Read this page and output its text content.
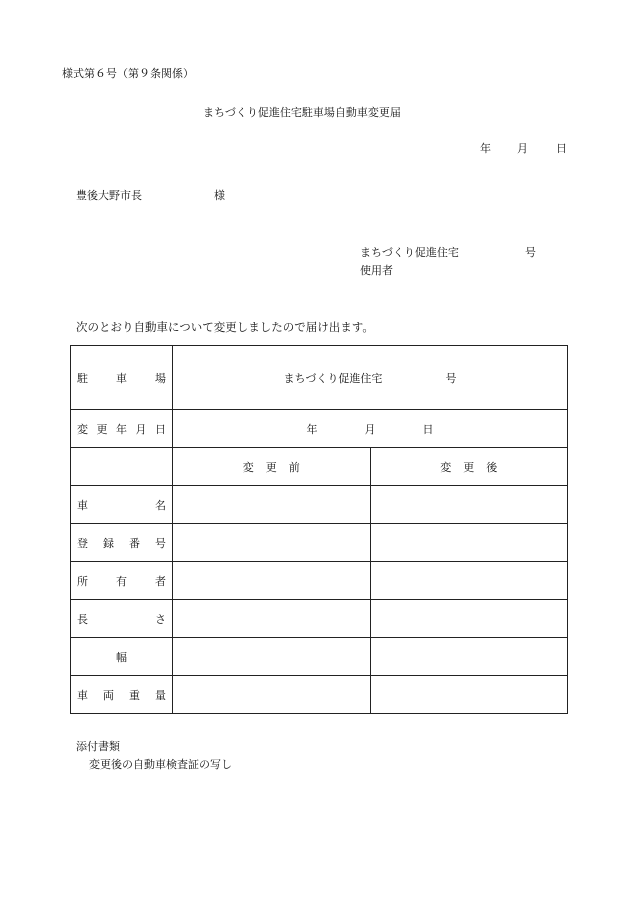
様式第６号（第９条関係）
まちづくり促進住宅駐車場自動車変更届
年 月	日
豊後大野市長	様
まちづくり促進住宅	号
使用者
次のとおり自動車について変更しましたので届け出ます。
駐 車 場	まちづくり促進住宅 号	

変 更 年 月 日	年 月 日	

	変 更 前	変 更 後

車 名		

登 録 番 号		

所 有 者		

長 さ		

幅		

車 両 重 量		

添付書類
変更後の自動車検査証の写し
